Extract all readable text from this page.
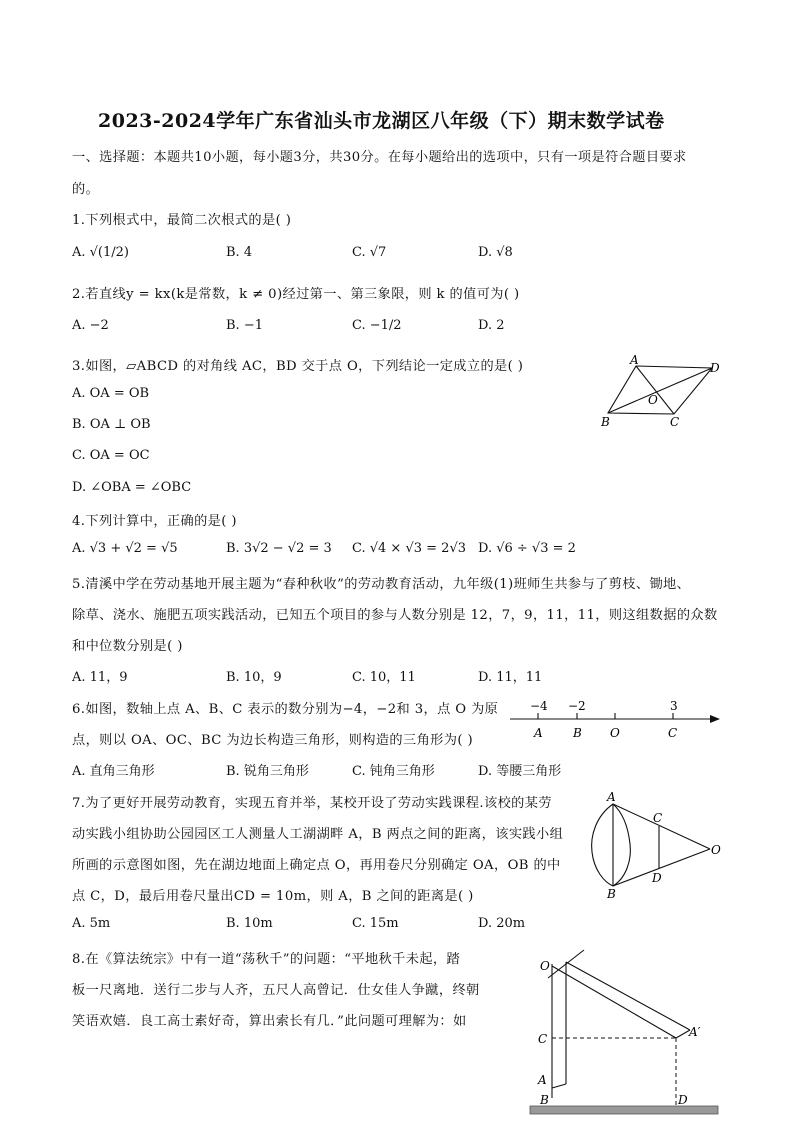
2023-2024学年广东省汕头市龙湖区八年级（下）期末数学试卷
一、选择题：本题共10小题，每小题3分，共30分。在每小题给出的选项中，只有一项是符合题目要求
的。
1.下列根式中，最简二次根式的是( )
A. √(1/2)	B. 4	C. √7	D. √8
2.若直线y = kx(k是常数，k ≠ 0)经过第一、第三象限，则 k 的值可为( )
A. −2	B. −1	C. −1/2	D. 2
3.如图，▱ABCD 的对角线 AC，BD 交于点 O，下列结论一定成立的是( )
A. OA = OB
B. OA ⊥ OB
C. OA = OC
D. ∠OBA = ∠OBC
A
D
O
B	C
4.下列计算中，正确的是( )
A. √3 + √2 = √5	B. 3√2 − √2 = 3 C. √4 × √3 = 2√3 D. √6 ÷ √3 = 2
5.清溪中学在劳动基地开展主题为“春种秋收”的劳动教育活动，九年级(1)班师生共参与了剪枝、锄地、
除草、浇水、施肥五项实践活动，已知五个项目的参与人数分别是 12，7，9，11，11，则这组数据的众数
和中位数分别是( )
A. 11，9	B. 10，9	C. 10，11	D. 11，11
6.如图，数轴上点 A、B、C 表示的数分别为−4，−2和 3，点 O 为原
点，则以 OA、OC、BC 为边长构造三角形，则构造的三角形为( )
A. 直角三角形	B. 锐角三角形	C. 钝角三角形	D. 等腰三角形
−4 −2	3
A	B O	C
7.为了更好开展劳动教育，实现五育并举，某校开设了劳动实践课程.该校的某劳
动实践小组协助公园园区工人测量人工湖湖畔 A，B 两点之间的距离，该实践小组
所画的示意图如图，先在湖边地面上确定点 O，再用卷尺分别确定 OA，OB 的中
点 C，D，最后用卷尺量出CD = 10m，则 A，B 之间的距离是( )
A. 5m	B. 10m	C. 15m	D. 20m
A
C
O
D
B
8.在《算法统宗》中有一道“荡秋千”的问题：“平地秋千未起，踏
板一尺离地．送行二步与人齐，五尺人高曾记．仕女佳人争蹴，终朝
笑语欢嬉．良工高士素好奇，算出索长有几．”此问题可理解为：如
O
C	A′
A
B	D
